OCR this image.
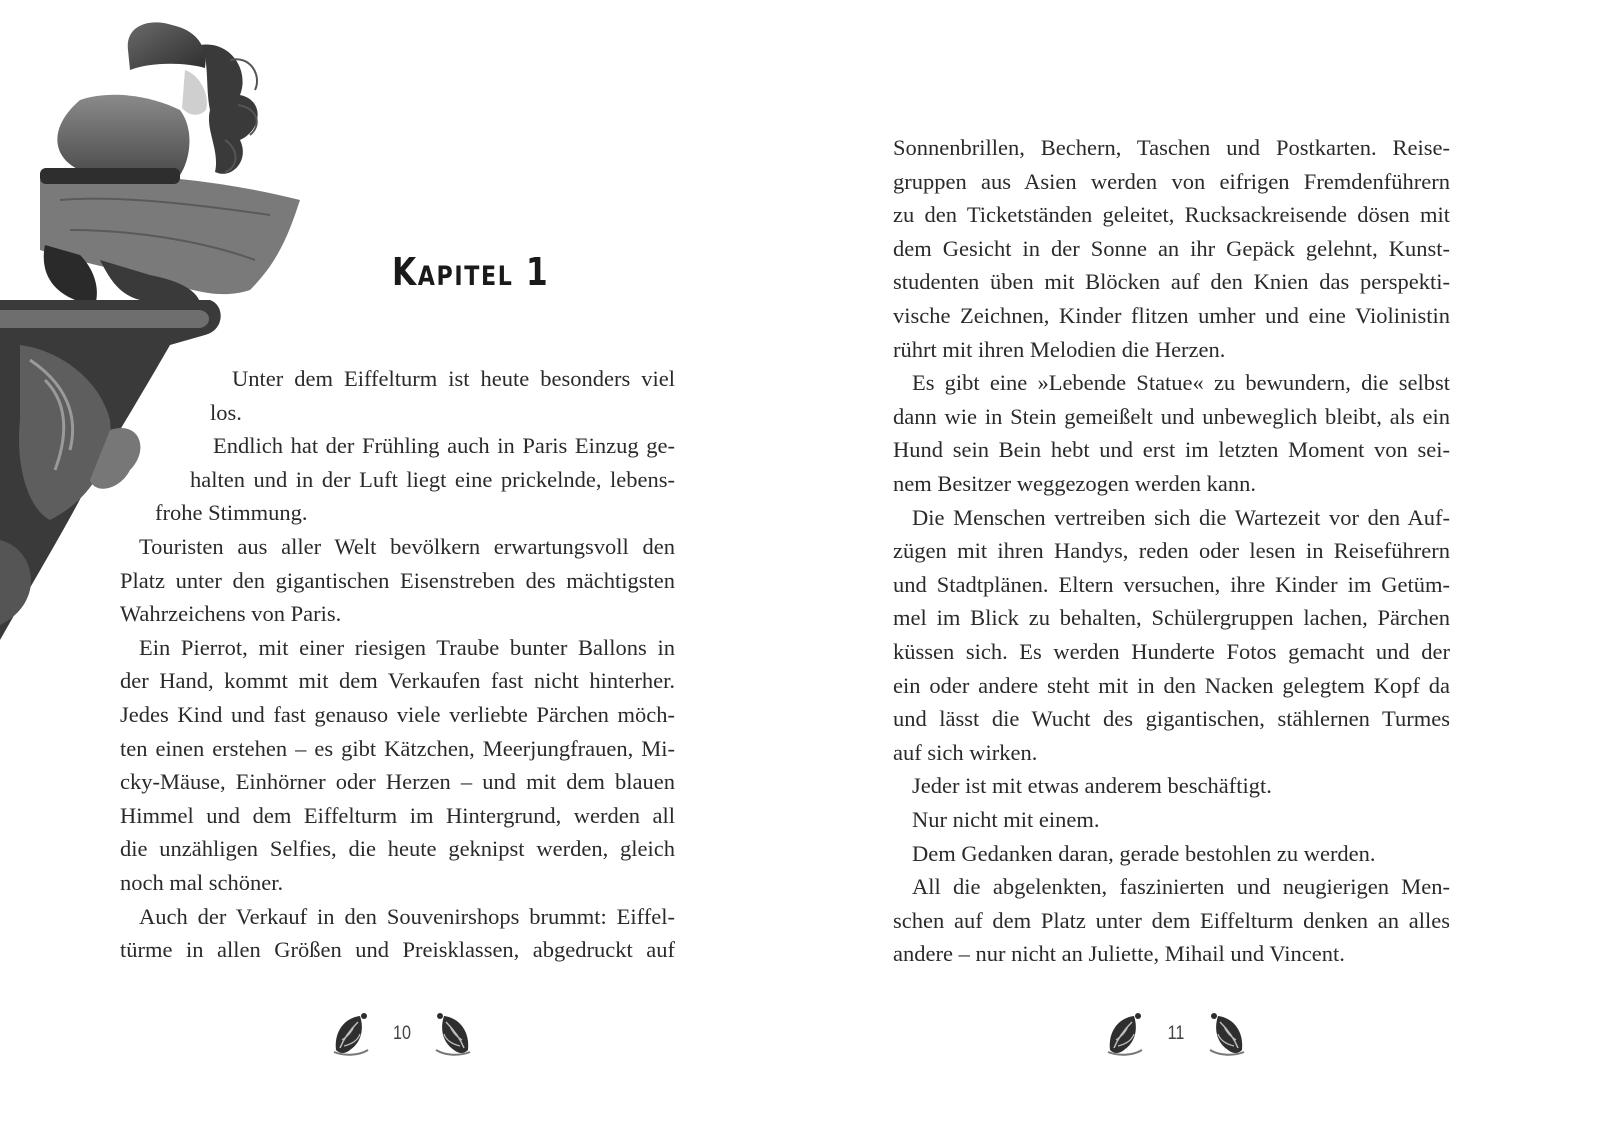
Kapitel 1
Unter dem Eiffelturm ist heute besonders viel
los.
Endlich hat der Frühling auch in Paris Einzug ge-
halten und in der Luft liegt eine prickelnde, lebens-
frohe Stimmung.
Touristen aus aller Welt bevölkern erwartungsvoll den
Platz unter den gigantischen Eisenstreben des mächtigsten
Wahrzeichens von Paris.
Ein Pierrot, mit einer riesigen Traube bunter Ballons in
der Hand, kommt mit dem Verkaufen fast nicht hinterher.
Jedes Kind und fast genauso viele verliebte Pärchen möch-
ten einen erstehen – es gibt Kätzchen, Meerjungfrauen, Mi-
cky-Mäuse, Einhörner oder Herzen – und mit dem blauen
Himmel und dem Eiffelturm im Hintergrund, werden all
die unzähligen Selfies, die heute geknipst werden, gleich
noch mal schöner.
Auch der Verkauf in den Souvenirshops brummt: Eiffel-
türme in allen Größen und Preisklassen, abgedruckt auf
10
Sonnenbrillen, Bechern, Taschen und Postkarten. Reise-
gruppen aus Asien werden von eifrigen Fremdenführern
zu den Ticketständen geleitet, Rucksackreisende dösen mit
dem Gesicht in der Sonne an ihr Gepäck gelehnt, Kunst-
studenten üben mit Blöcken auf den Knien das perspekti-
vische Zeichnen, Kinder flitzen umher und eine Violinistin
rührt mit ihren Melodien die Herzen.
Es gibt eine »Lebende Statue« zu bewundern, die selbst
dann wie in Stein gemeißelt und unbeweglich bleibt, als ein
Hund sein Bein hebt und erst im letzten Moment von sei-
nem Besitzer weggezogen werden kann.
Die Menschen vertreiben sich die Wartezeit vor den Auf-
zügen mit ihren Handys, reden oder lesen in Reiseführern
und Stadtplänen. Eltern versuchen, ihre Kinder im Getüm-
mel im Blick zu behalten, Schülergruppen lachen, Pärchen
küssen sich. Es werden Hunderte Fotos gemacht und der
ein oder andere steht mit in den Nacken gelegtem Kopf da
und lässt die Wucht des gigantischen, stählernen Turmes
auf sich wirken.
Jeder ist mit etwas anderem beschäftigt.
Nur nicht mit einem.
Dem Gedanken daran, gerade bestohlen zu werden.
All die abgelenkten, faszinierten und neugierigen Men-
schen auf dem Platz unter dem Eiffelturm denken an alles
andere – nur nicht an Juliette, Mihail und Vincent.
11
